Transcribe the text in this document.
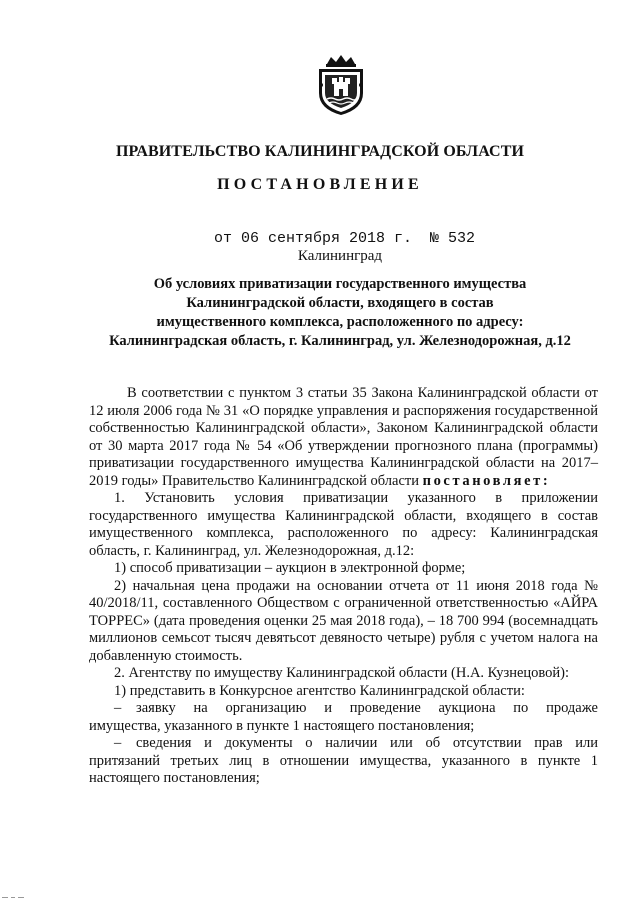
ПРАВИТЕЛЬСТВО КАЛИНИНГРАДСКОЙ ОБЛАСТИ
ПОСТАНОВЛЕНИЕ
от 06 сентября 2018 г.  № 532
Калининград
Об условиях приватизации государственного имущества
Калининградской области, входящего в состав
имущественного комплекса, расположенного по адресу:
Калининградская область, г. Калининград, ул. Железнодорожная, д.12

В соответствии с пунктом 3 статьи 35 Закона Калининградской области от 12 июля 2006 года № 31 «О порядке управления и распоряжения государственной собственностью Калининградской области», Законом Калининградской области от 30 марта 2017 года № 54 «Об утверждении прогнозного плана (программы) приватизации государственного имущества Калининградской области на 2017–2019 годы» Правительство Калининградской области постановляет:

1. Установить условия приватизации указанного в приложении государственного имущества Калининградской области, входящего в состав имущественного комплекса, расположенного по адресу: Калининградская область, г. Калининград, ул. Железнодорожная, д.12:

1) способ приватизации – аукцион в электронной форме;

2) начальная цена продажи на основании отчета от 11 июня 2018 года № 40/2018/11, составленного Обществом с ограниченной ответственностью «АЙРА ТОРРЕС» (дата проведения оценки 25 мая 2018 года), – 18 700 994 (восемнадцать миллионов семьсот тысяч девятьсот девяносто четыре) рубля с учетом налога на добавленную стоимость.

2. Агентству по имуществу Калининградской области (Н.А. Кузнецовой):

1) представить в Конкурсное агентство Калининградской области:

–	заявку на организацию и проведение аукциона по продаже

имущества, указанного в пункте 1 настоящего постановления;

–	сведения и документы о наличии или об отсутствии прав или

притязаний третьих лиц в отношении имущества, указанного в пункте 1

настоящего постановления;
